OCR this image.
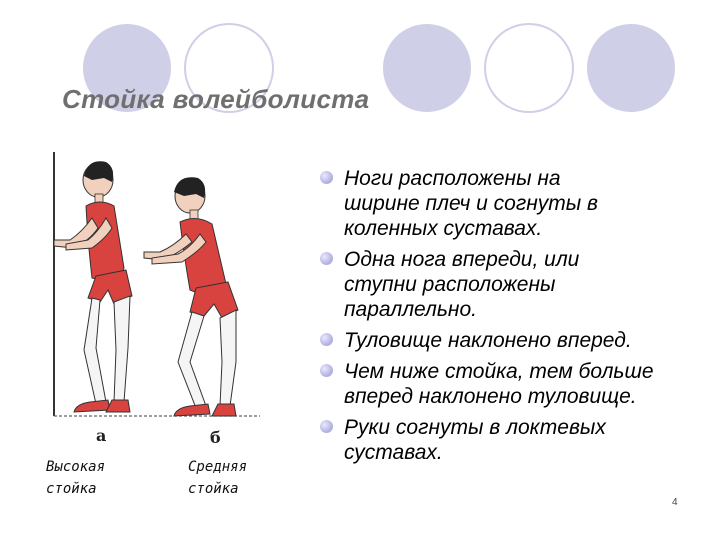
Стойка волейболиста
а	б
Высокая
стойка
Средняя
стойка
Ноги расположены на
ширине плеч и согнуты в
коленных суставах.
Одна нога впереди, или
ступни расположены
параллельно.
Туловище наклонено вперед.
Чем ниже стойка, тем больше
вперед наклонено туловище.
Руки согнуты в локтевых
суставах.
4
